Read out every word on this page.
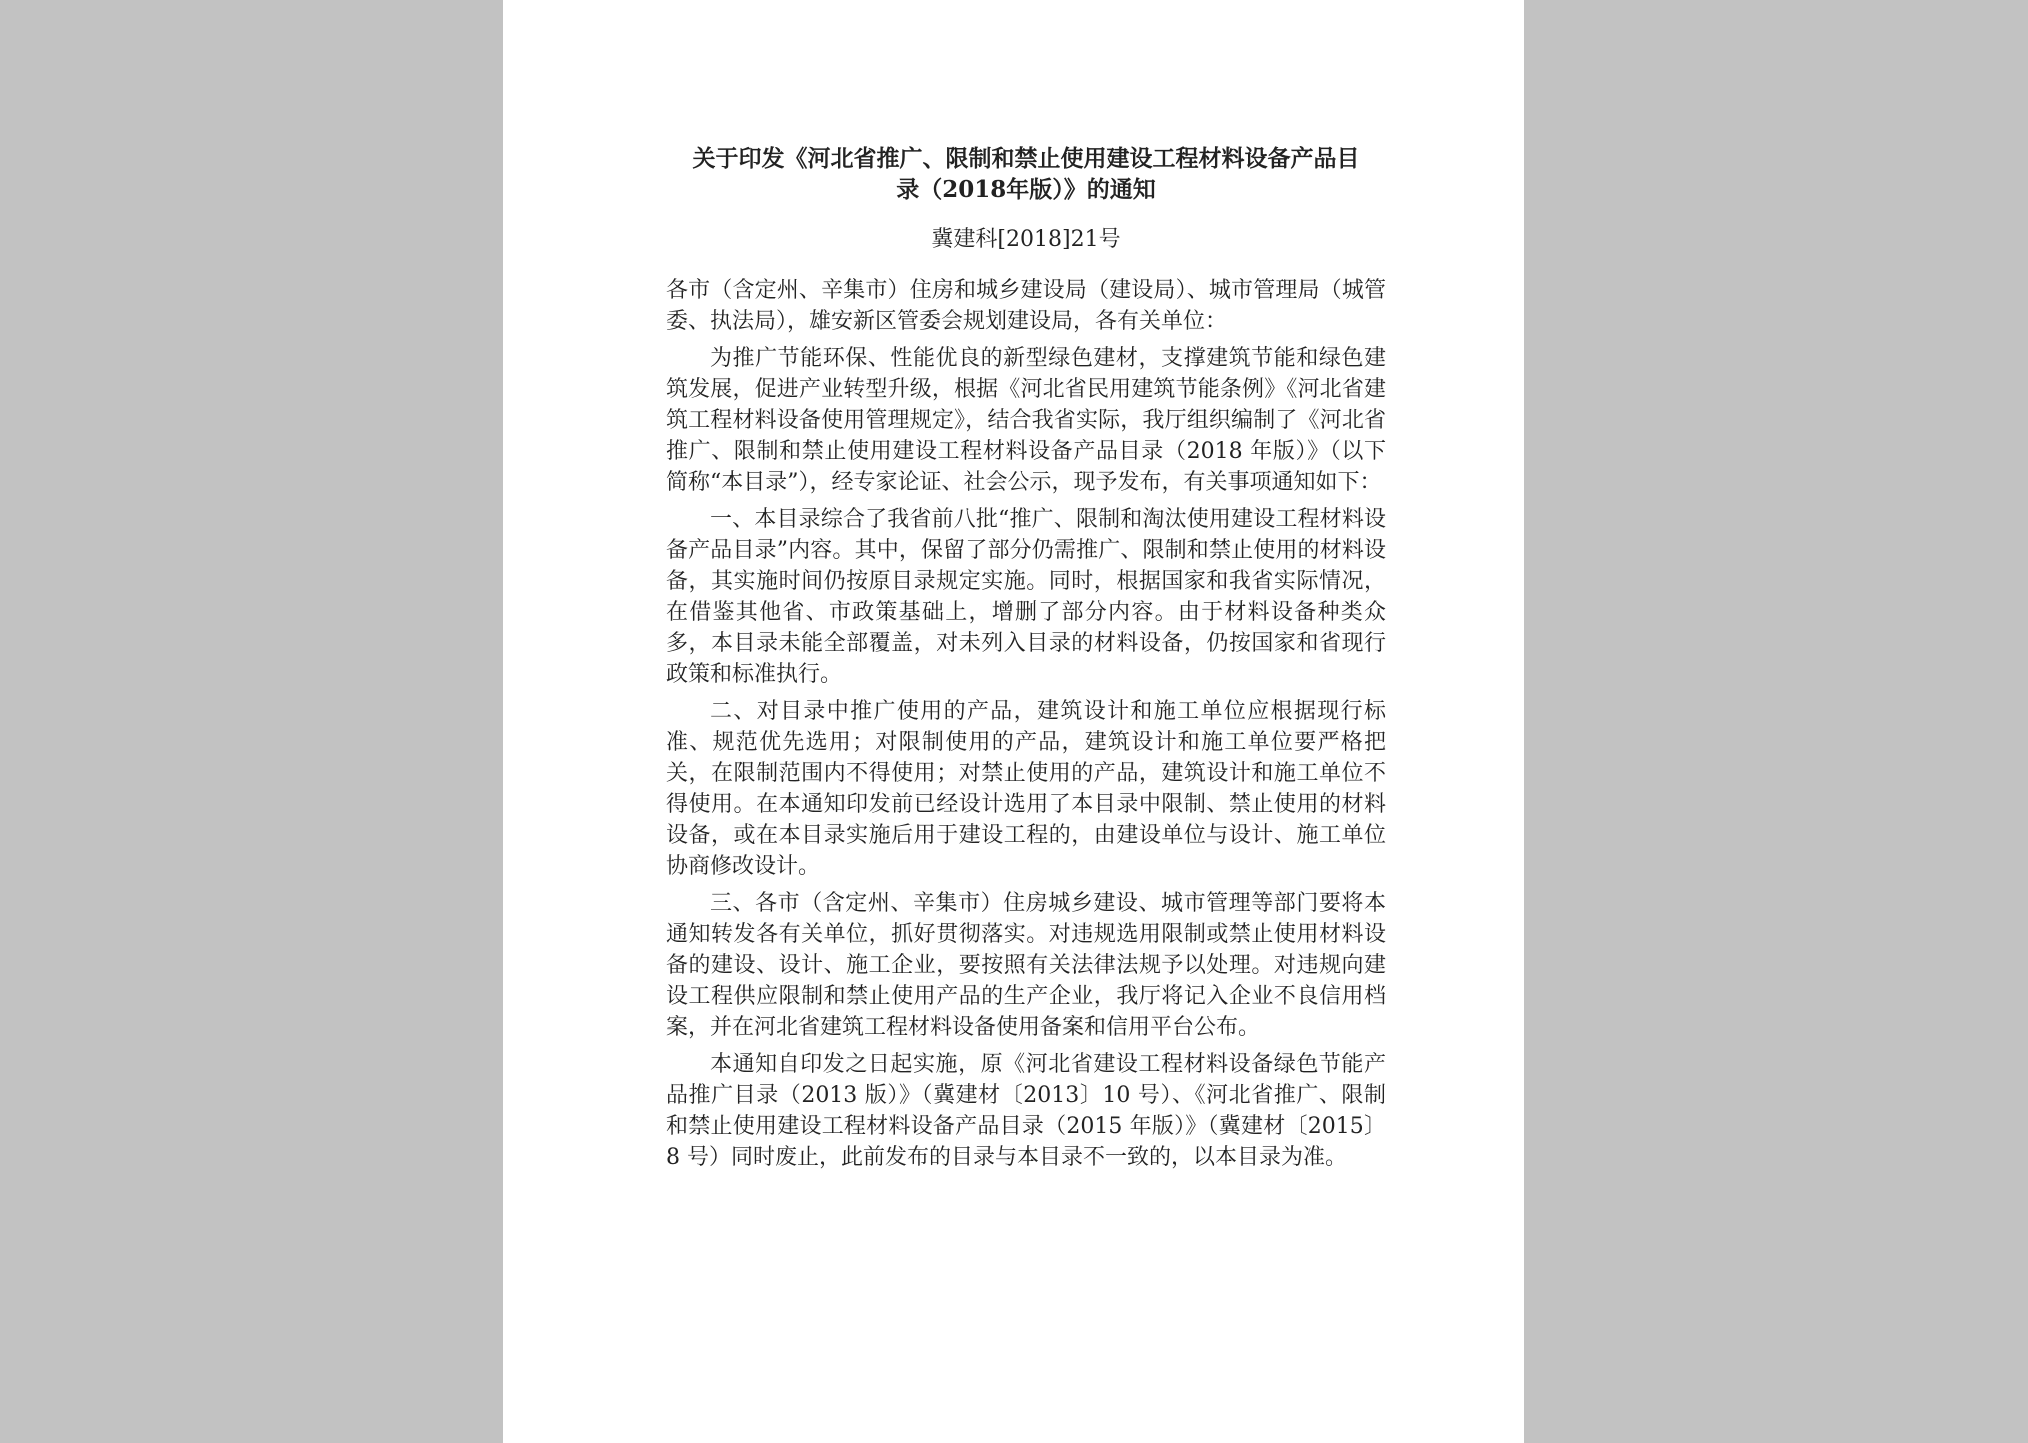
关于印发《河北省推广、限制和禁止使用建设工程材料设备产品目
录（2018年版）》的通知

冀建科[2018]21号

各市（含定州、辛集市）住房和城乡建设局（建设局）、城市管理局（城管委、执法局），雄安新区管委会规划建设局，各有关单位：

为推广节能环保、性能优良的新型绿色建材，支撑建筑节能和绿色建筑发展，促进产业转型升级，根据《河北省民用建筑节能条例》《河北省建筑工程材料设备使用管理规定》，结合我省实际，我厅组织编制了《河北省推广、限制和禁止使用建设工程材料设备产品目录（2018 年版）》（以下简称“本目录”），经专家论证、社会公示，现予发布，有关事项通知如下：

一、本目录综合了我省前八批“推广、限制和淘汰使用建设工程材料设备产品目录”内容。其中，保留了部分仍需推广、限制和禁止使用的材料设备，其实施时间仍按原目录规定实施。同时，根据国家和我省实际情况，在借鉴其他省、市政策基础上，增删了部分内容。由于材料设备种类众多，本目录未能全部覆盖，对未列入目录的材料设备，仍按国家和省现行政策和标准执行。

二、对目录中推广使用的产品，建筑设计和施工单位应根据现行标准、规范优先选用；对限制使用的产品，建筑设计和施工单位要严格把关，在限制范围内不得使用；对禁止使用的产品，建筑设计和施工单位不得使用。在本通知印发前已经设计选用了本目录中限制、禁止使用的材料设备，或在本目录实施后用于建设工程的，由建设单位与设计、施工单位协商修改设计。

三、各市（含定州、辛集市）住房城乡建设、城市管理等部门要将本通知转发各有关单位，抓好贯彻落实。对违规选用限制或禁止使用材料设备的建设、设计、施工企业，要按照有关法律法规予以处理。对违规向建设工程供应限制和禁止使用产品的生产企业，我厅将记入企业不良信用档案，并在河北省建筑工程材料设备使用备案和信用平台公布。

本通知自印发之日起实施，原《河北省建设工程材料设备绿色节能产品推广目录（2013 版）》（冀建材〔2013〕10 号）、《河北省推广、限制和禁止使用建设工程材料设备产品目录（2015 年版）》（冀建材〔2015〕8 号）同时废止，此前发布的目录与本目录不一致的，以本目录为准。
